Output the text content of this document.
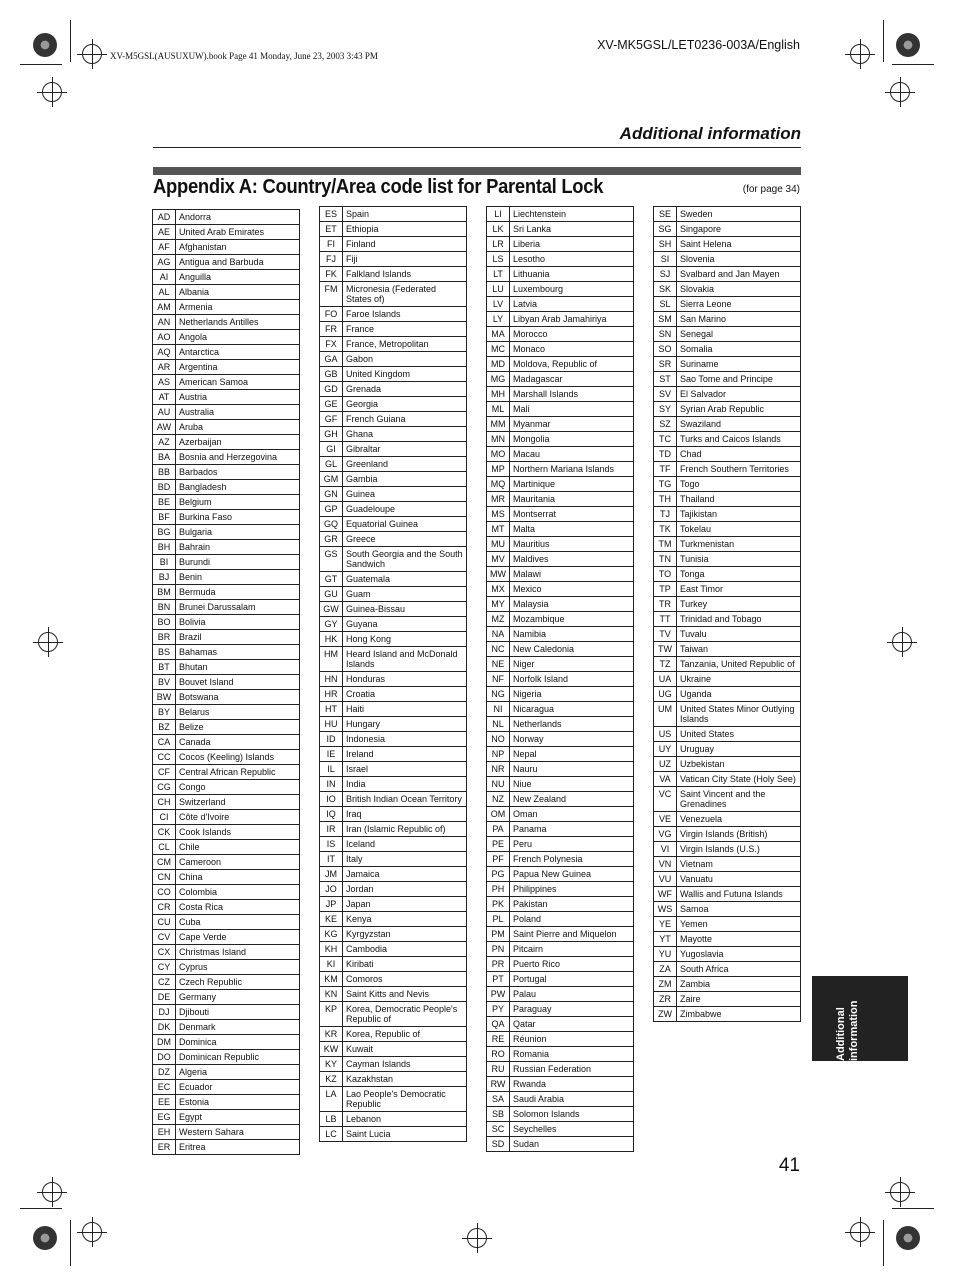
XV-M5GSL(AUSUXUW).book Page 41 Monday, June 23, 2003 3:43 PM
XV-MK5GSL/LET0236-003A/English
Additional information
Appendix A: Country/Area code list for Parental Lock	(for page 34)
AD	Andorra
AE	United Arab Emirates
AF	Afghanistan
AG	Antigua and Barbuda
AI	Anguilla
AL	Albania
AM	Armenia
AN	Netherlands Antilles
AO	Angola
AQ	Antarctica
AR	Argentina
AS	American Samoa
AT	Austria
AU	Australia
AW	Aruba
AZ	Azerbaijan
BA	Bosnia and Herzegovina
BB	Barbados
BD	Bangladesh
BE	Belgium
BF	Burkina Faso
BG	Bulgaria
BH	Bahrain
BI	Burundi
BJ	Benin
BM	Bermuda
BN	Brunei Darussalam
BO	Bolivia
BR	Brazil
BS	Bahamas
BT	Bhutan
BV	Bouvet Island
BW	Botswana
BY	Belarus
BZ	Belize
CA	Canada
CC	Cocos (Keeling) Islands
CF	Central African Republic
CG	Congo
CH	Switzerland
CI	Côte d'Ivoire
CK	Cook Islands
CL	Chile
CM	Cameroon
CN	China
CO	Colombia
CR	Costa Rica
CU	Cuba
CV	Cape Verde
CX	Christmas Island
CY	Cyprus
CZ	Czech Republic
DE	Germany
DJ	Djibouti
DK	Denmark
DM	Dominica
DO	Dominican Republic
DZ	Algeria
EC	Ecuador
EE	Estonia
EG	Egypt
EH	Western Sahara
ER	Eritrea
ES	Spain
ET	Ethiopia
FI	Finland
FJ	Fiji
FK	Falkland Islands
FM	Micronesia (Federated States of)
FO	Faroe Islands
FR	France
FX	France, Metropolitan
GA	Gabon
GB	United Kingdom
GD	Grenada
GE	Georgia
GF	French Guiana
GH	Ghana
GI	Gibraltar
GL	Greenland
GM	Gambia
GN	Guinea
GP	Guadeloupe
GQ	Equatorial Guinea
GR	Greece
GS	South Georgia and the South Sandwich
GT	Guatemala
GU	Guam
GW	Guinea-Bissau
GY	Guyana
HK	Hong Kong
HM	Heard Island and McDonald Islands
HN	Honduras
HR	Croatia
HT	Haiti
HU	Hungary
ID	Indonesia
IE	Ireland
IL	Israel
IN	India
IO	British Indian Ocean Territory
IQ	Iraq
IR	Iran (Islamic Republic of)
IS	Iceland
IT	Italy
JM	Jamaica
JO	Jordan
JP	Japan
KE	Kenya
KG	Kyrgyzstan
KH	Cambodia
KI	Kiribati
KM	Comoros
KN	Saint Kitts and Nevis
KP	Korea, Democratic People's Republic of
KR	Korea, Republic of
KW	Kuwait
KY	Cayman Islands
KZ	Kazakhstan
LA	Lao People's Democratic Republic
LB	Lebanon
LC	Saint Lucia
LI	Liechtenstein
LK	Sri Lanka
LR	Liberia
LS	Lesotho
LT	Lithuania
LU	Luxembourg
LV	Latvia
LY	Libyan Arab Jamahiriya
MA	Morocco
MC	Monaco
MD	Moldova, Republic of
MG	Madagascar
MH	Marshall Islands
ML	Mali
MM	Myanmar
MN	Mongolia
MO	Macau
MP	Northern Mariana Islands
MQ	Martinique
MR	Mauritania
MS	Montserrat
MT	Malta
MU	Mauritius
MV	Maldives
MW	Malawi
MX	Mexico
MY	Malaysia
MZ	Mozambique
NA	Namibia
NC	New Caledonia
NE	Niger
NF	Norfolk Island
NG	Nigeria
NI	Nicaragua
NL	Netherlands
NO	Norway
NP	Nepal
NR	Nauru
NU	Niue
NZ	New Zealand
OM	Oman
PA	Panama
PE	Peru
PF	French Polynesia
PG	Papua New Guinea
PH	Philippines
PK	Pakistan
PL	Poland
PM	Saint Pierre and Miquelon
PN	Pitcairn
PR	Puerto Rico
PT	Portugal
PW	Palau
PY	Paraguay
QA	Qatar
RE	Réunion
RO	Romania
RU	Russian Federation
RW	Rwanda
SA	Saudi Arabia
SB	Solomon Islands
SC	Seychelles
SD	Sudan
SE	Sweden
SG	Singapore
SH	Saint Helena
SI	Slovenia
SJ	Svalbard and Jan Mayen
SK	Slovakia
SL	Sierra Leone
SM	San Marino
SN	Senegal
SO	Somalia
SR	Suriname
ST	Sao Tome and Principe
SV	El Salvador
SY	Syrian Arab Republic
SZ	Swaziland
TC	Turks and Caicos Islands
TD	Chad
TF	French Southern Territories
TG	Togo
TH	Thailand
TJ	Tajikistan
TK	Tokelau
TM	Turkmenistan
TN	Tunisia
TO	Tonga
TP	East Timor
TR	Turkey
TT	Trinidad and Tobago
TV	Tuvalu
TW	Taiwan
TZ	Tanzania, United Republic of
UA	Ukraine
UG	Uganda
UM	United States Minor Outlying Islands
US	United States
UY	Uruguay
UZ	Uzbekistan
VA	Vatican City State (Holy See)
VC	Saint Vincent and the Grenadines
VE	Venezuela
VG	Virgin Islands (British)
VI	Virgin Islands (U.S.)
VN	Vietnam
VU	Vanuatu
WF	Wallis and Futuna Islands
WS	Samoa
YE	Yemen
YT	Mayotte
YU	Yugoslavia
ZA	South Africa
ZM	Zambia
ZR	Zaire
ZW	Zimbabwe	Additional information
41
